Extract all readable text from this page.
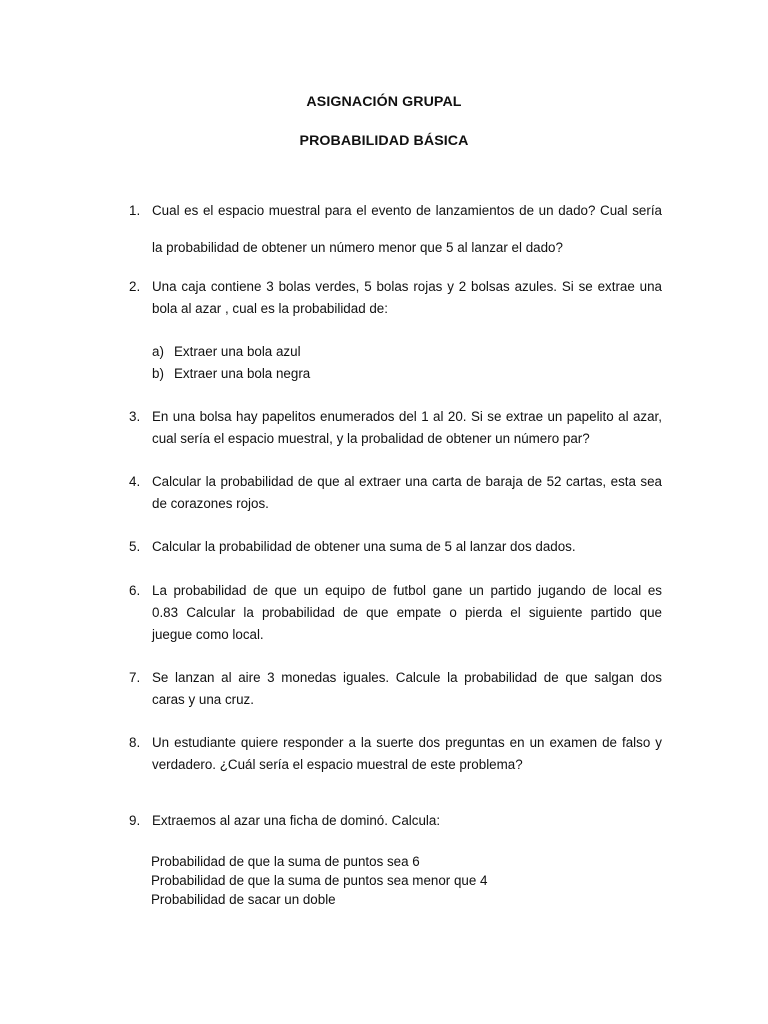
ASIGNACIÓN GRUPAL
PROBABILIDAD BÁSICA
1. Cual es el espacio muestral para el evento de lanzamientos de un dado? Cual sería
la probabilidad de obtener un número menor que 5 al lanzar el dado?
2. Una caja contiene 3 bolas verdes, 5 bolas rojas y 2 bolsas azules. Si se extrae una
bola al azar , cual es la probabilidad de:
a) Extraer una bola azul
b) Extraer una bola negra
3. En una bolsa hay papelitos enumerados del 1 al 20. Si se extrae un papelito al azar,
cual sería el espacio muestral, y la probalidad de obtener un número par?
4. Calcular la probabilidad de que al extraer una carta de baraja de 52 cartas, esta sea
de corazones rojos.
5. Calcular la probabilidad de obtener una suma de 5 al lanzar dos dados.
6. La probabilidad de que un equipo de futbol gane un partido jugando de local es
0.83 Calcular la probabilidad de que empate o pierda el siguiente partido que
juegue como local.
7. Se lanzan al aire 3 monedas iguales. Calcule la probabilidad de que salgan dos
caras y una cruz.
8. Un estudiante quiere responder a la suerte dos preguntas en un examen de falso y
verdadero. ¿Cuál sería el espacio muestral de este problema?
9. Extraemos al azar una ficha de dominó. Calcula:
Probabilidad de que la suma de puntos sea 6
Probabilidad de que la suma de puntos sea menor que 4
Probabilidad de sacar un doble
